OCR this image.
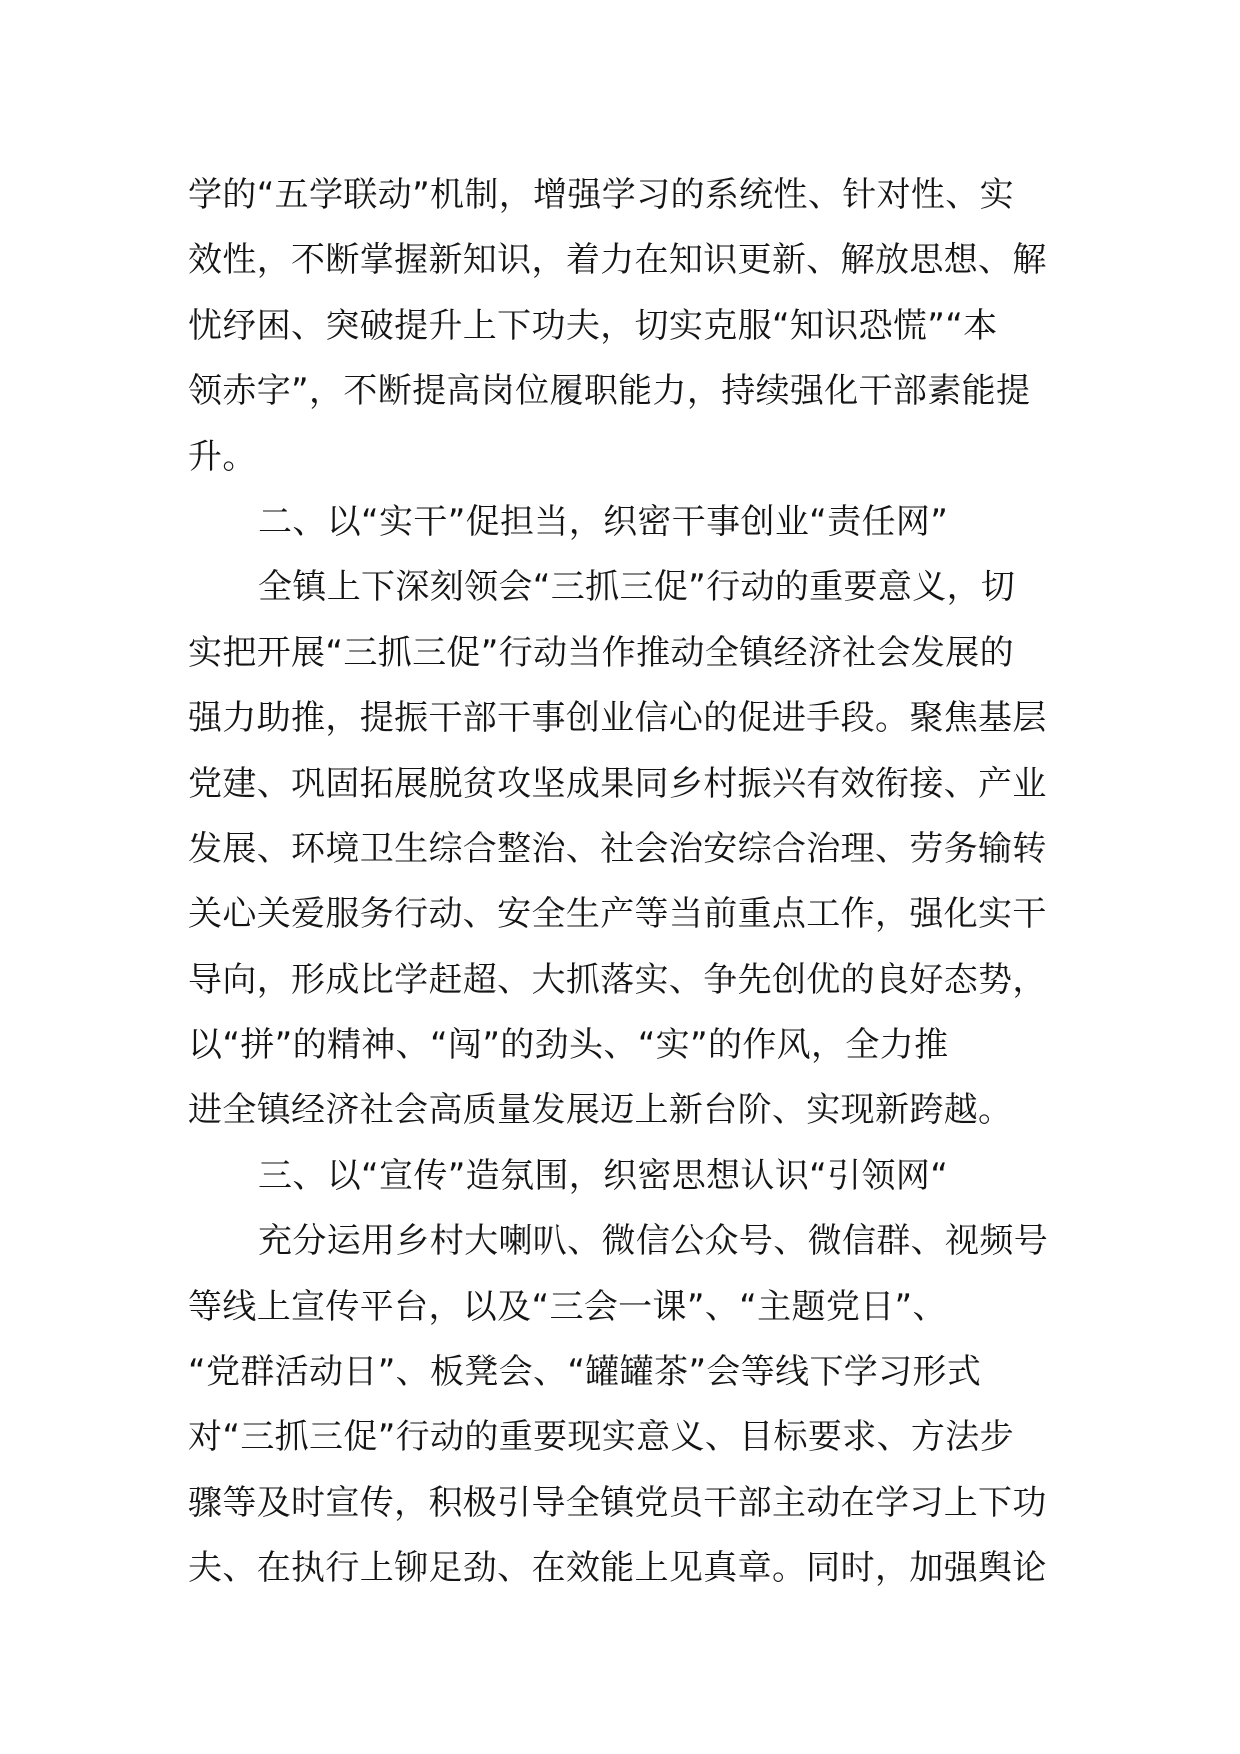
学的“五学联动”机制，增强学习的系统性、针对性、实
效性，不断掌握新知识，着力在知识更新、解放思想、解
忧纾困、突破提升上下功夫，切实克服“知识恐慌”“本
领赤字”，不断提高岗位履职能力，持续强化干部素能提
升。
二、以“实干”促担当，织密干事创业“责任网”
全镇上下深刻领会“三抓三促”行动的重要意义，切
实把开展“三抓三促”行动当作推动全镇经济社会发展的
强力助推，提振干部干事创业信心的促进手段。聚焦基层
党建、巩固拓展脱贫攻坚成果同乡村振兴有效衔接、产业
发展、环境卫生综合整治、社会治安综合治理、劳务输转
关心关爱服务行动、安全生产等当前重点工作，强化实干
导向，形成比学赶超、大抓落实、争先创优的良好态势，
以“拼”的精神、“闯”的劲头、“实”的作风，全力推
进全镇经济社会高质量发展迈上新台阶、实现新跨越。
三、以“宣传”造氛围，织密思想认识“引领网“
充分运用乡村大喇叭、微信公众号、微信群、视频号
等线上宣传平台，以及“三会一课”、“主题党日”、
“党群活动日”、板凳会、“罐罐茶”会等线下学习形式
对“三抓三促”行动的重要现实意义、目标要求、方法步
骤等及时宣传，积极引导全镇党员干部主动在学习上下功
夫、在执行上铆足劲、在效能上见真章。同时，加强舆论
